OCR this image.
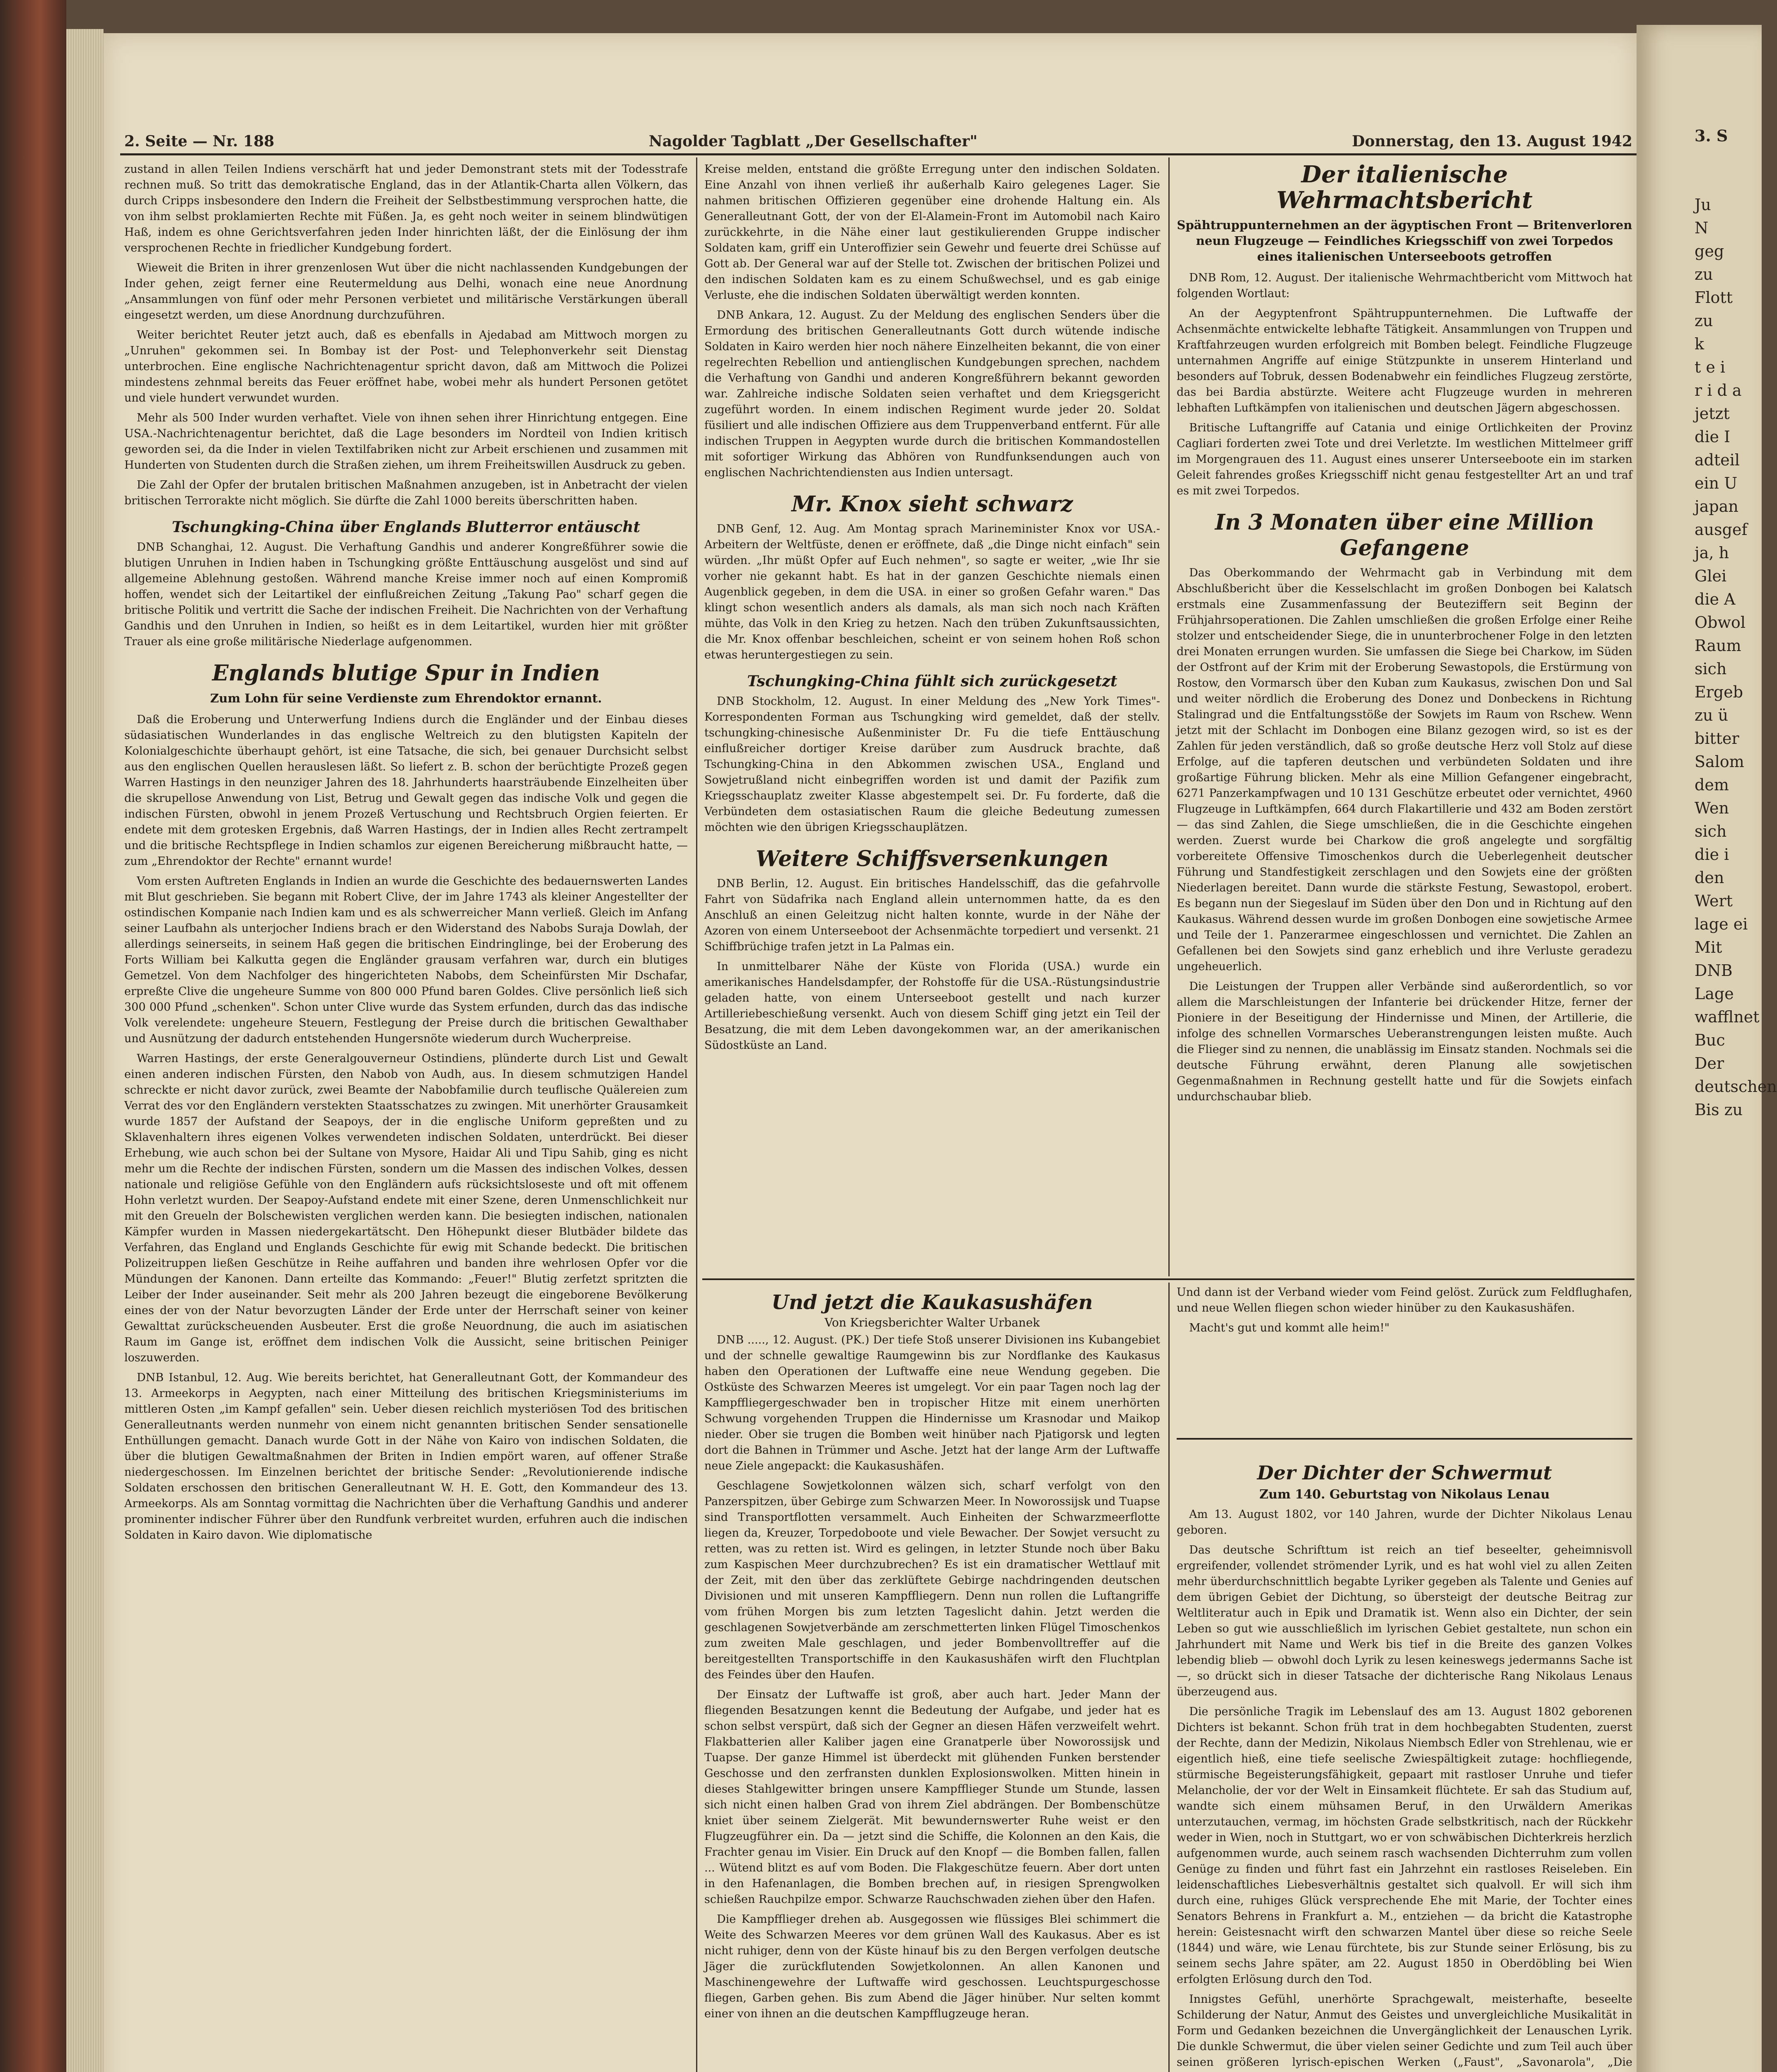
3. S
Ju
N
geg
zu
Flott
zu
k
t e i
r i d a
jetzt
die I
adteil
ein U
japan
ausgef
ja, h
Glei
die A
Obwol
Raum
sich
Ergeb
zu ü
bitter
Salom
dem
Wen
sich
die i
den
Wert
lage ei
Mit
DNB
Lage
wafflnet
Buc
Der
deutschen
Bis zu
2. Seite — Nr. 188	Nagolder Tagblatt „Der Gesellschafter"	Donnerstag, den 13. August 1942

zustand in allen Teilen Indiens verschärft hat und jeder Demonstrant stets mit der Todesstrafe rechnen muß. So tritt das demokratische England, das in der Atlantik-Charta allen Völkern, das durch Cripps insbesondere den Indern die Freiheit der Selbstbestimmung versprochen hatte, die von ihm selbst proklamierten Rechte mit Füßen. Ja, es geht noch weiter in seinem blindwütigen Haß, indem es ohne Gerichtsverfahren jeden Inder hinrichten läßt, der die Einlösung der ihm versprochenen Rechte in friedlicher Kundgebung fordert.

Wieweit die Briten in ihrer grenzenlosen Wut über die nicht nachlassenden Kundgebungen der Inder gehen, zeigt ferner eine Reutermeldung aus Delhi, wonach eine neue Anordnung „Ansammlungen von fünf oder mehr Personen verbietet und militärische Verstärkungen überall eingesetzt werden, um diese Anordnung durchzuführen.

Weiter berichtet Reuter jetzt auch, daß es ebenfalls in Ajedabad am Mittwoch morgen zu „Unruhen" gekommen sei. In Bombay ist der Post- und Telephonverkehr seit Dienstag unterbrochen. Eine englische Nachrichtenagentur spricht davon, daß am Mittwoch die Polizei mindestens zehnmal bereits das Feuer eröffnet habe, wobei mehr als hundert Personen getötet und viele hundert verwundet wurden.

Mehr als 500 Inder wurden verhaftet. Viele von ihnen sehen ihrer Hinrichtung entgegen. Eine USA.-Nachrichtenagentur berichtet, daß die Lage besonders im Nordteil von Indien kritisch geworden sei, da die Inder in vielen Textilfabriken nicht zur Arbeit erschienen und zusammen mit Hunderten von Studenten durch die Straßen ziehen, um ihrem Freiheitswillen Ausdruck zu geben.

Die Zahl der Opfer der brutalen britischen Maßnahmen anzugeben, ist in Anbetracht der vielen britischen Terrorakte nicht möglich. Sie dürfte die Zahl 1000 bereits überschritten haben.

Tschungking-China über Englands Blutterror entäuscht

DNB Schanghai, 12. August. Die Verhaftung Gandhis und anderer Kongreßführer sowie die blutigen Unruhen in Indien haben in Tschungking größte Enttäuschung ausgelöst und sind auf allgemeine Ablehnung gestoßen. Während manche Kreise immer noch auf einen Kompromiß hoffen, wendet sich der Leitartikel der einflußreichen Zeitung „Takung Pao" scharf gegen die britische Politik und vertritt die Sache der indischen Freiheit. Die Nachrichten von der Verhaftung Gandhis und den Unruhen in Indien, so heißt es in dem Leitartikel, wurden hier mit größter Trauer als eine große militärische Niederlage aufgenommen.

Englands blutige Spur in Indien
Zum Lohn für seine Verdienste zum Ehrendoktor ernannt.

Daß die Eroberung und Unterwerfung Indiens durch die Engländer und der Einbau dieses südasiatischen Wunderlandes in das englische Weltreich zu den blutigsten Kapiteln der Kolonialgeschichte überhaupt gehört, ist eine Tatsache, die sich, bei genauer Durchsicht selbst aus den englischen Quellen herauslesen läßt. So liefert z. B. schon der berüchtigte Prozeß gegen Warren Hastings in den neunziger Jahren des 18. Jahrhunderts haarsträubende Einzelheiten über die skrupellose Anwendung von List, Betrug und Gewalt gegen das indische Volk und gegen die indischen Fürsten, obwohl in jenem Prozeß Vertuschung und Rechtsbruch Orgien feierten. Er endete mit dem grotesken Ergebnis, daß Warren Hastings, der in Indien alles Recht zertrampelt und die britische Rechtspflege in Indien schamlos zur eigenen Bereicherung mißbraucht hatte, — zum „Ehrendoktor der Rechte" ernannt wurde!

Vom ersten Auftreten Englands in Indien an wurde die Geschichte des bedauernswerten Landes mit Blut geschrieben. Sie begann mit Robert Clive, der im Jahre 1743 als kleiner Angestellter der ostindischen Kompanie nach Indien kam und es als schwerreicher Mann verließ. Gleich im Anfang seiner Laufbahn als unterjocher Indiens brach er den Widerstand des Nabobs Suraja Dowlah, der allerdings seinerseits, in seinem Haß gegen die britischen Eindringlinge, bei der Eroberung des Forts William bei Kalkutta gegen die Engländer grausam verfahren war, durch ein blutiges Gemetzel. Von dem Nachfolger des hingerichteten Nabobs, dem Scheinfürsten Mir Dschafar, erpreßte Clive die ungeheure Summe von 800 000 Pfund baren Goldes. Clive persönlich ließ sich 300 000 Pfund „schenken". Schon unter Clive wurde das System erfunden, durch das das indische Volk verelendete: ungeheure Steuern, Festlegung der Preise durch die britischen Gewalthaber und Ausnützung der dadurch entstehenden Hungersnöte wiederum durch Wucherpreise.

Warren Hastings, der erste Generalgouverneur Ostindiens, plünderte durch List und Gewalt einen anderen indischen Fürsten, den Nabob von Audh, aus. In diesem schmutzigen Handel schreckte er nicht davor zurück, zwei Beamte der Nabobfamilie durch teuflische Quälereien zum Verrat des vor den Engländern verstekten Staatsschatzes zu zwingen. Mit unerhörter Grausamkeit wurde 1857 der Aufstand der Seapoys, der in die englische Uniform gepreßten und zu Sklavenhaltern ihres eigenen Volkes verwendeten indischen Soldaten, unterdrückt. Bei dieser Erhebung, wie auch schon bei der Sultane von Mysore, Haidar Ali und Tipu Sahib, ging es nicht mehr um die Rechte der indischen Fürsten, sondern um die Massen des indischen Volkes, dessen nationale und religiöse Gefühle von den Engländern aufs rücksichtsloseste und oft mit offenem Hohn verletzt wurden. Der Seapoy-Aufstand endete mit einer Szene, deren Unmenschlichkeit nur mit den Greueln der Bolschewisten verglichen werden kann. Die besiegten indischen, nationalen Kämpfer wurden in Massen niedergekartätscht. Den Höhepunkt dieser Blutbäder bildete das Verfahren, das England und Englands Geschichte für ewig mit Schande bedeckt. Die britischen Polizeitruppen ließen Geschütze in Reihe auffahren und banden ihre wehrlosen Opfer vor die Mündungen der Kanonen. Dann erteilte das Kommando: „Feuer!" Blutig zerfetzt spritzten die Leiber der Inder auseinander. Seit mehr als 200 Jahren bezeugt die eingeborene Bevölkerung eines der von der Natur bevorzugten Länder der Erde unter der Herrschaft seiner von keiner Gewalttat zurückscheuenden Ausbeuter. Erst die große Neuordnung, die auch im asiatischen Raum im Gange ist, eröffnet dem indischen Volk die Aussicht, seine britischen Peiniger loszuwerden.

DNB Istanbul, 12. Aug. Wie bereits berichtet, hat Generalleutnant Gott, der Kommandeur des 13. Armeekorps in Aegypten, nach einer Mitteilung des britischen Kriegsministeriums im mittleren Osten „im Kampf gefallen" sein. Ueber diesen reichlich mysteriösen Tod des britischen Generalleutnants werden nunmehr von einem nicht genannten britischen Sender sensationelle Enthüllungen gemacht. Danach wurde Gott in der Nähe von Kairo von indischen Soldaten, die über die blutigen Gewaltmaßnahmen der Briten in Indien empört waren, auf offener Straße niedergeschossen. Im Einzelnen berichtet der britische Sender: „Revolutionierende indische Soldaten erschossen den britischen Generalleutnant W. H. E. Gott, den Kommandeur des 13. Armeekorps. Als am Sonntag vormittag die Nachrichten über die Verhaftung Gandhis und anderer prominenter indischer Führer über den Rundfunk verbreitet wurden, erfuhren auch die indischen Soldaten in Kairo davon. Wie diplomatische

Kreise melden, entstand die größte Erregung unter den indischen Soldaten. Eine Anzahl von ihnen verließ ihr außerhalb Kairo gelegenes Lager. Sie nahmen britischen Offizieren gegenüber eine drohende Haltung ein. Als Generalleutnant Gott, der von der El-Alamein-Front im Automobil nach Kairo zurückkehrte, in die Nähe einer laut gestikulierenden Gruppe indischer Soldaten kam, griff ein Unteroffizier sein Gewehr und feuerte drei Schüsse auf Gott ab. Der General war auf der Stelle tot. Zwischen der britischen Polizei und den indischen Soldaten kam es zu einem Schußwechsel, und es gab einige Verluste, ehe die indischen Soldaten überwältigt werden konnten.

DNB Ankara, 12. August. Zu der Meldung des englischen Senders über die Ermordung des britischen Generalleutnants Gott durch wütende indische Soldaten in Kairo werden hier noch nähere Einzelheiten bekannt, die von einer regelrechten Rebellion und antienglischen Kundgebungen sprechen, nachdem die Verhaftung von Gandhi und anderen Kongreßführern bekannt geworden war. Zahlreiche indische Soldaten seien verhaftet und dem Kriegsgericht zugeführt worden. In einem indischen Regiment wurde jeder 20. Soldat füsiliert und alle indischen Offiziere aus dem Truppenverband entfernt. Für alle indischen Truppen in Aegypten wurde durch die britischen Kommandostellen mit sofortiger Wirkung das Abhören von Rundfunksendungen auch von englischen Nachrichtendiensten aus Indien untersagt.

Mr. Knox sieht schwarz

DNB Genf, 12. Aug. Am Montag sprach Marineminister Knox vor USA.-Arbeitern der Weltfüste, denen er eröffnete, daß „die Dinge nicht einfach" sein würden. „Ihr müßt Opfer auf Euch nehmen", so sagte er weiter, „wie Ihr sie vorher nie gekannt habt. Es hat in der ganzen Geschichte niemals einen Augenblick gegeben, in dem die USA. in einer so großen Gefahr waren." Das klingt schon wesentlich anders als damals, als man sich noch nach Kräften mühte, das Volk in den Krieg zu hetzen. Nach den trüben Zukunftsaussichten, die Mr. Knox offenbar beschleichen, scheint er von seinem hohen Roß schon etwas heruntergestiegen zu sein.

Tschungking-China fühlt sich zurückgesetzt

DNB Stockholm, 12. August. In einer Meldung des „New York Times"-Korrespondenten Forman aus Tschungking wird gemeldet, daß der stellv. tschungking-chinesische Außenminister Dr. Fu die tiefe Enttäuschung einflußreicher dortiger Kreise darüber zum Ausdruck brachte, daß Tschungking-China in den Abkommen zwischen USA., England und Sowjetrußland nicht einbegriffen worden ist und damit der Pazifik zum Kriegsschauplatz zweiter Klasse abgestempelt sei. Dr. Fu forderte, daß die Verbündeten dem ostasiatischen Raum die gleiche Bedeutung zumessen möchten wie den übrigen Kriegsschauplätzen.

Weitere Schiffsversenkungen

DNB Berlin, 12. August. Ein britisches Handelsschiff, das die gefahrvolle Fahrt von Südafrika nach England allein unternommen hatte, da es den Anschluß an einen Geleitzug nicht halten konnte, wurde in der Nähe der Azoren von einem Unterseeboot der Achsenmächte torpediert und versenkt. 21 Schiffbrüchige trafen jetzt in La Palmas ein.

In unmittelbarer Nähe der Küste von Florida (USA.) wurde ein amerikanisches Handelsdampfer, der Rohstoffe für die USA.-Rüstungsindustrie geladen hatte, von einem Unterseeboot gestellt und nach kurzer Artilleriebeschießung versenkt. Auch von diesem Schiff ging jetzt ein Teil der Besatzung, die mit dem Leben davongekommen war, an der amerikanischen Südostküste an Land.

Der italienische Wehrmachtsbericht
Spähtruppunternehmen an der ägyptischen Front — Britenverloren neun Flugzeuge — Feindliches Kriegsschiff von zwei Torpedos eines italienischen Unterseeboots getroffen

DNB Rom, 12. August. Der italienische Wehrmachtbericht vom Mittwoch hat folgenden Wortlaut:

An der Aegyptenfront Spähtruppunternehmen. Die Luftwaffe der Achsenmächte entwickelte lebhafte Tätigkeit. Ansammlungen von Truppen und Kraftfahrzeugen wurden erfolgreich mit Bomben belegt. Feindliche Flugzeuge unternahmen Angriffe auf einige Stützpunkte in unserem Hinterland und besonders auf Tobruk, dessen Bodenabwehr ein feindliches Flugzeug zerstörte, das bei Bardia abstürzte. Weitere acht Flugzeuge wurden in mehreren lebhaften Luftkämpfen von italienischen und deutschen Jägern abgeschossen.

Britische Luftangriffe auf Catania und einige Ortlichkeiten der Provinz Cagliari forderten zwei Tote und drei Verletzte. Im westlichen Mittelmeer griff im Morgengrauen des 11. August eines unserer Unterseeboote ein im starken Geleit fahrendes großes Kriegsschiff nicht genau festgestellter Art an und traf es mit zwei Torpedos.

In 3 Monaten über eine Million Gefangene

Das Oberkommando der Wehrmacht gab in Verbindung mit dem Abschlußbericht über die Kesselschlacht im großen Donbogen bei Kalatsch erstmals eine Zusammenfassung der Beuteziffern seit Beginn der Frühjahrsoperationen. Die Zahlen umschließen die großen Erfolge einer Reihe stolzer und entscheidender Siege, die in ununterbrochener Folge in den letzten drei Monaten errungen wurden. Sie umfassen die Siege bei Charkow, im Süden der Ostfront auf der Krim mit der Eroberung Sewastopols, die Erstürmung von Rostow, den Vormarsch über den Kuban zum Kaukasus, zwischen Don und Sal und weiter nördlich die Eroberung des Donez und Donbeckens in Richtung Stalingrad und die Entfaltungsstöße der Sowjets im Raum von Rschew. Wenn jetzt mit der Schlacht im Donbogen eine Bilanz gezogen wird, so ist es der Zahlen für jeden verständlich, daß so große deutsche Herz voll Stolz auf diese Erfolge, auf die tapferen deutschen und verbündeten Soldaten und ihre großartige Führung blicken. Mehr als eine Million Gefangener eingebracht, 6271 Panzerkampfwagen und 10 131 Geschütze erbeutet oder vernichtet, 4960 Flugzeuge in Luftkämpfen, 664 durch Flakartillerie und 432 am Boden zerstört — das sind Zahlen, die Siege umschließen, die in die Geschichte eingehen werden. Zuerst wurde bei Charkow die groß angelegte und sorgfältig vorbereitete Offensive Timoschenkos durch die Ueberlegenheit deutscher Führung und Standfestigkeit zerschlagen und den Sowjets eine der größten Niederlagen bereitet. Dann wurde die stärkste Festung, Sewastopol, erobert. Es begann nun der Siegeslauf im Süden über den Don und in Richtung auf den Kaukasus. Während dessen wurde im großen Donbogen eine sowjetische Armee und Teile der 1. Panzerarmee eingeschlossen und vernichtet. Die Zahlen an Gefallenen bei den Sowjets sind ganz erheblich und ihre Verluste geradezu ungeheuerlich.

Die Leistungen der Truppen aller Verbände sind außerordentlich, so vor allem die Marschleistungen der Infanterie bei drückender Hitze, ferner der Pioniere in der Beseitigung der Hindernisse und Minen, der Artillerie, die infolge des schnellen Vormarsches Ueberanstrengungen leisten mußte. Auch die Flieger sind zu nennen, die unablässig im Einsatz standen. Nochmals sei die deutsche Führung erwähnt, deren Planung alle sowjetischen Gegenmaßnahmen in Rechnung gestellt hatte und für die Sowjets einfach undurchschaubar blieb.

Und jetzt die Kaukasushäfen
Von Kriegsberichter Walter Urbanek

DNB ....., 12. August. (PK.) Der tiefe Stoß unserer Divisionen ins Kubangebiet und der schnelle gewaltige Raumgewinn bis zur Nordflanke des Kaukasus haben den Operationen der Luftwaffe eine neue Wendung gegeben. Die Ostküste des Schwarzen Meeres ist umgelegt. Vor ein paar Tagen noch lag der Kampffliegergeschwader ben in tropischer Hitze mit einem unerhörten Schwung vorgehenden Truppen die Hindernisse um Krasnodar und Maikop nieder. Ober sie trugen die Bomben weit hinüber nach Pjatigorsk und legten dort die Bahnen in Trümmer und Asche. Jetzt hat der lange Arm der Luftwaffe neue Ziele angepackt: die Kaukasushäfen.

Geschlagene Sowjetkolonnen wälzen sich, scharf verfolgt von den Panzerspitzen, über Gebirge zum Schwarzen Meer. In Noworossijsk und Tuapse sind Transportflotten versammelt. Auch Einheiten der Schwarzmeerflotte liegen da, Kreuzer, Torpedoboote und viele Bewacher. Der Sowjet versucht zu retten, was zu retten ist. Wird es gelingen, in letzter Stunde noch über Baku zum Kaspischen Meer durchzubrechen? Es ist ein dramatischer Wettlauf mit der Zeit, mit den über das zerklüftete Gebirge nachdringenden deutschen Divisionen und mit unseren Kampffliegern. Denn nun rollen die Luftangriffe vom frühen Morgen bis zum letzten Tageslicht dahin. Jetzt werden die geschlagenen Sowjetverbände am zerschmetterten linken Flügel Timoschenkos zum zweiten Male geschlagen, und jeder Bombenvolltreffer auf die bereitgestellten Transportschiffe in den Kaukasushäfen wirft den Fluchtplan des Feindes über den Haufen.

Der Einsatz der Luftwaffe ist groß, aber auch hart. Jeder Mann der fliegenden Besatzungen kennt die Bedeutung der Aufgabe, und jeder hat es schon selbst verspürt, daß sich der Gegner an diesen Häfen verzweifelt wehrt. Flakbatterien aller Kaliber jagen eine Granatperle über Noworossijsk und Tuapse. Der ganze Himmel ist überdeckt mit glühenden Funken berstender Geschosse und den zerfransten dunklen Explosionswolken. Mitten hinein in dieses Stahlgewitter bringen unsere Kampfflieger Stunde um Stunde, lassen sich nicht einen halben Grad von ihrem Ziel abdrängen. Der Bombenschütze kniet über seinem Zielgerät. Mit bewundernswerter Ruhe weist er den Flugzeugführer ein. Da — jetzt sind die Schiffe, die Kolonnen an den Kais, die Frachter genau im Visier. Ein Druck auf den Knopf — die Bomben fallen, fallen ... Wütend blitzt es auf vom Boden. Die Flakgeschütze feuern. Aber dort unten in den Hafenanlagen, die Bomben brechen auf, in riesigen Sprengwolken schießen Rauchpilze empor. Schwarze Rauchschwaden ziehen über den Hafen.

Die Kampfflieger drehen ab. Ausgegossen wie flüssiges Blei schimmert die Weite des Schwarzen Meeres vor dem grünen Wall des Kaukasus. Aber es ist nicht ruhiger, denn von der Küste hinauf bis zu den Bergen verfolgen deutsche Jäger die zurückflutenden Sowjetkolonnen. An allen Kanonen und Maschinengewehre der Luftwaffe wird geschossen. Leuchtspurgeschosse fliegen, Garben gehen. Bis zum Abend die Jäger hinüber. Nur selten kommt einer von ihnen an die deutschen Kampfflugzeuge heran.

Und dann ist der Verband wieder vom Feind gelöst. Zurück zum Feldflughafen, und neue Wellen fliegen schon wieder hinüber zu den Kaukasushäfen.

Macht's gut und kommt alle heim!"

Der Dichter der Schwermut
Zum 140. Geburtstag von Nikolaus Lenau

Am 13. August 1802, vor 140 Jahren, wurde der Dichter Nikolaus Lenau geboren.

Das deutsche Schrifttum ist reich an tief beseelter, geheimnisvoll ergreifender, vollendet strömender Lyrik, und es hat wohl viel zu allen Zeiten mehr überdurchschnittlich begabte Lyriker gegeben als Talente und Genies auf dem übrigen Gebiet der Dichtung, so übersteigt der deutsche Beitrag zur Weltliteratur auch in Epik und Dramatik ist. Wenn also ein Dichter, der sein Leben so gut wie ausschließlich im lyrischen Gebiet gestaltete, nun schon ein Jahrhundert mit Name und Werk bis tief in die Breite des ganzen Volkes lebendig blieb — obwohl doch Lyrik zu lesen keineswegs jedermanns Sache ist —, so drückt sich in dieser Tatsache der dichterische Rang Nikolaus Lenaus überzeugend aus.

Die persönliche Tragik im Lebenslauf des am 13. August 1802 geborenen Dichters ist bekannt. Schon früh trat in dem hochbegabten Studenten, zuerst der Rechte, dann der Medizin, Nikolaus Niembsch Edler von Strehlenau, wie er eigentlich hieß, eine tiefe seelische Zwiespältigkeit zutage: hochfliegende, stürmische Begeisterungsfähigkeit, gepaart mit rastloser Unruhe und tiefer Melancholie, der vor der Welt in Einsamkeit flüchtete. Er sah das Studium auf, wandte sich einem mühsamen Beruf, in den Urwäldern Amerikas unterzutauchen, vermag, im höchsten Grade selbstkritisch, nach der Rückkehr weder in Wien, noch in Stuttgart, wo er von schwäbischen Dichterkreis herzlich aufgenommen wurde, auch seinem rasch wachsenden Dichterruhm zum vollen Genüge zu finden und führt fast ein Jahrzehnt ein rastloses Reiseleben. Ein leidenschaftliches Liebesverhältnis gestaltet sich qualvoll. Er will sich ihm durch eine, ruhiges Glück versprechende Ehe mit Marie, der Tochter eines Senators Behrens in Frankfurt a. M., entziehen — da bricht die Katastrophe herein: Geistesnacht wirft den schwarzen Mantel über diese so reiche Seele (1844) und wäre, wie Lenau fürchtete, bis zur Stunde seiner Erlösung, bis zu seinem sechs Jahre später, am 22. August 1850 in Oberdöbling bei Wien erfolgten Erlösung durch den Tod.

Innigstes Gefühl, unerhörte Sprachgewalt, meisterhafte, beseelte Schilderung der Natur, Anmut des Geistes und unvergleichliche Musikalität in Form und Gedanken bezeichnen die Unvergänglichkeit der Lenauschen Lyrik. Die dunkle Schwermut, die über vielen seiner Gedichte und zum Teil auch über seinen größeren lyrisch-epischen Werken („Faust", „Savonarola", „Die
